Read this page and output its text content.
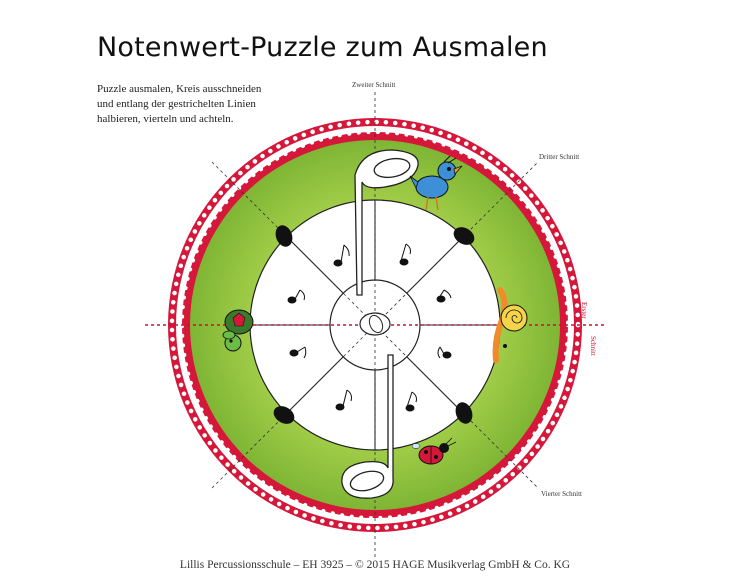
Notenwert-Puzzle zum Ausmalen
Puzzle ausmalen, Kreis ausschneiden
und entlang der gestrichelten Linien
halbieren, vierteln und achteln.
Zweiter Schnitt
Dritter Schnitt
Vierter Schnitt
Erster
Schnitt
Lillis Percussionsschule – EH 3925 – © 2015 HAGE Musikverlag GmbH & Co. KG
